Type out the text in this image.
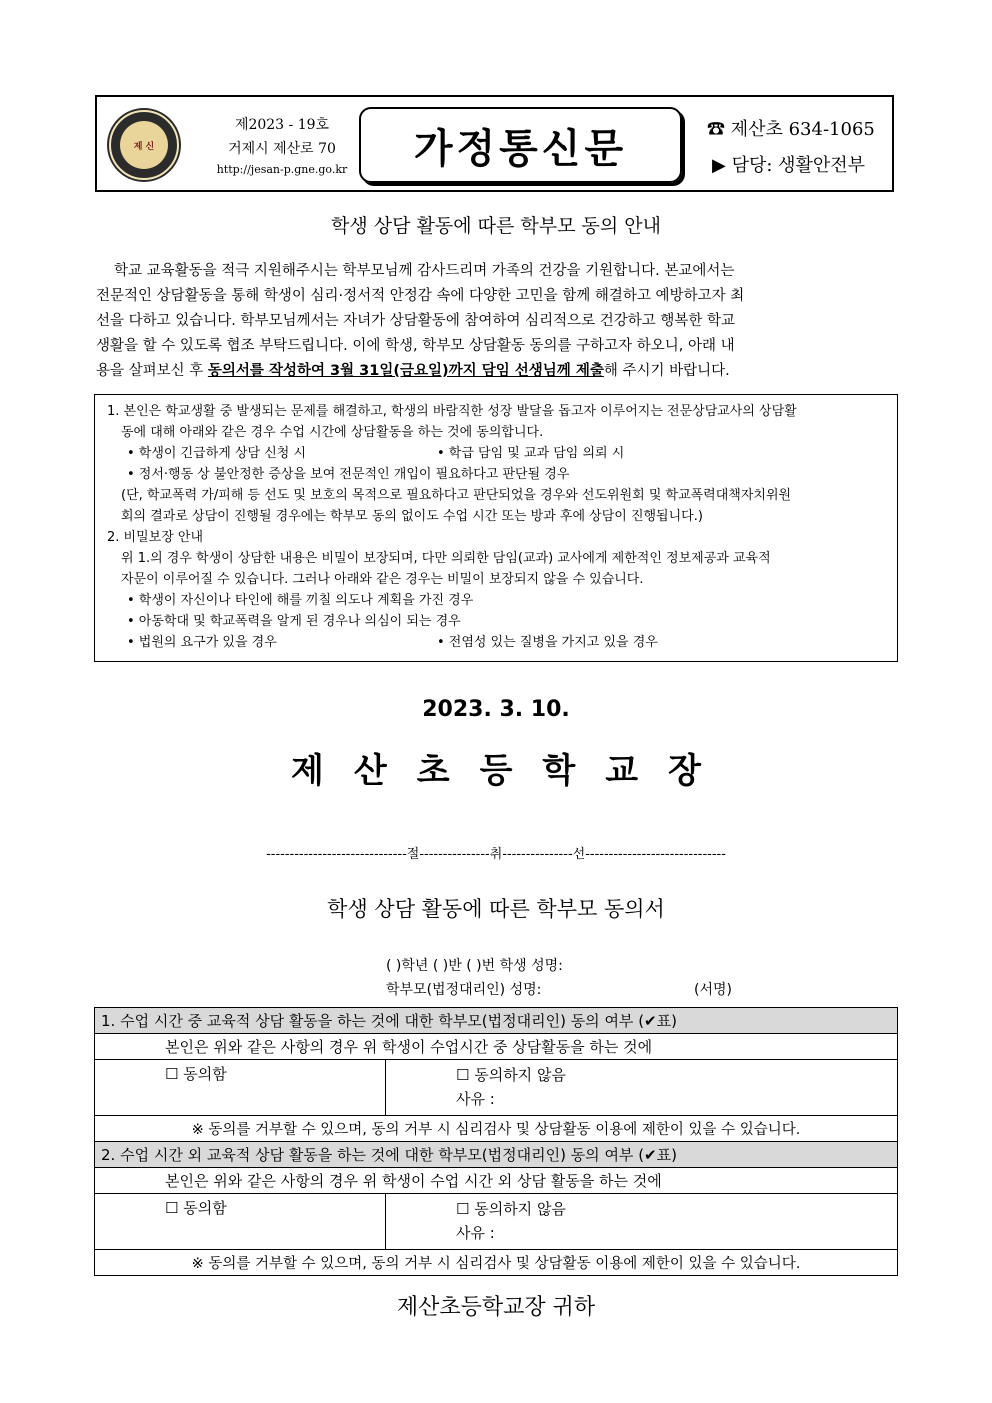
제 신
제2023 - 19호
거제시 제산로 70
http://jesan-p.gne.go.kr	가정통신문	☎ 제산초 634-1065
▶ 담당: 생활안전부
학생 상담 활동에 따른 학부모 동의 안내
학교 교육활동을 적극 지원해주시는 학부모님께 감사드리며 가족의 건강을 기원합니다. 본교에서는
전문적인 상담활동을 통해 학생이 심리·정서적 안정감 속에 다양한 고민을 함께 해결하고 예방하고자 최
선을 다하고 있습니다. 학부모님께서는 자녀가 상담활동에 참여하여 심리적으로 건강하고 행복한 학교
생활을 할 수 있도록 협조 부탁드립니다. 이에 학생, 학부모 상담활동 동의를 구하고자 하오니, 아래 내
용을 살펴보신 후 동의서를 작성하여 3월 31일(금요일)까지 담임 선생님께 제출해 주시기 바랍니다.
1. 본인은 학교생활 중 발생되는 문제를 해결하고, 학생의 바람직한 성장 발달을 돕고자 이루어지는 전문상담교사의 상담활
동에 대해 아래와 같은 경우 수업 시간에 상담활동을 하는 것에 동의합니다.
• 학생이 긴급하게 상담 신청 시	• 학급 담임 및 교과 담임 의뢰 시
• 정서·행동 상 불안정한 증상을 보여 전문적인 개입이 필요하다고 판단될 경우
(단, 학교폭력 가/피해 등 선도 및 보호의 목적으로 필요하다고 판단되었을 경우와 선도위원회 및 학교폭력대책자치위원
회의 결과로 상담이 진행될 경우에는 학부모 동의 없이도 수업 시간 또는 방과 후에 상담이 진행됩니다.)
2. 비밀보장 안내
위 1.의 경우 학생이 상담한 내용은 비밀이 보장되며, 다만 의뢰한 담임(교과) 교사에게 제한적인 정보제공과 교육적
자문이 이루어질 수 있습니다. 그러나 아래와 같은 경우는 비밀이 보장되지 않을 수 있습니다.
• 학생이 자신이나 타인에 해를 끼칠 의도나 계획을 가진 경우
• 아동학대 및 학교폭력을 알게 된 경우나 의심이 되는 경우
• 법원의 요구가 있을 경우	• 전염성 있는 질병을 가지고 있을 경우
2023. 3. 10.
제산초등학교장
------------------------------절---------------취---------------선------------------------------
학생 상담 활동에 따른 학부모 동의서
( )학년 ( )반 ( )번 학생 성명:
학부모(법정대리인) 성명:	(서명)
1. 수업 시간 중 교육적 상담 활동을 하는 것에 대한 학부모(법정대리인) 동의 여부 (✔표)	
본인은 위와 같은 사항의 경우 위 학생이 수업시간 중 상담활동을 하는 것에	
☐ 동의함	☐ 동의하지 않음
사유 :

※ 동의를 거부할 수 있으며, 동의 거부 시 심리검사 및 상담활동 이용에 제한이 있을 수 있습니다.	
2. 수업 시간 외 교육적 상담 활동을 하는 것에 대한 학부모(법정대리인) 동의 여부 (✔표)	
본인은 위와 같은 사항의 경우 위 학생이 수업 시간 외 상담 활동을 하는 것에	
☐ 동의함	☐ 동의하지 않음
사유 :

※ 동의를 거부할 수 있으며, 동의 거부 시 심리검사 및 상담활동 이용에 제한이 있을 수 있습니다.	
제산초등학교장 귀하
